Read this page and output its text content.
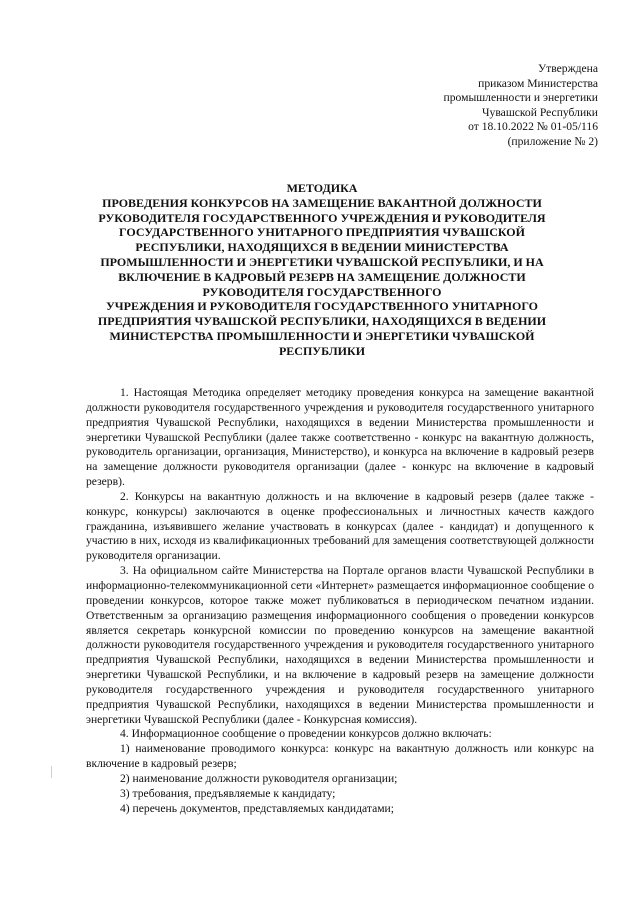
Утверждена
приказом Министерства
промышленности и энергетики
Чувашской Республики
от 18.10.2022 № 01-05/116
(приложение № 2)
МЕТОДИКА
ПРОВЕДЕНИЯ КОНКУРСОВ НА ЗАМЕЩЕНИЕ ВАКАНТНОЙ ДОЛЖНОСТИ
РУКОВОДИТЕЛЯ ГОСУДАРСТВЕННОГО УЧРЕЖДЕНИЯ И РУКОВОДИТЕЛЯ
ГОСУДАРСТВЕННОГО УНИТАРНОГО ПРЕДПРИЯТИЯ ЧУВАШСКОЙ
РЕСПУБЛИКИ, НАХОДЯЩИХСЯ В ВЕДЕНИИ МИНИСТЕРСТВА
ПРОМЫШЛЕННОСТИ И ЭНЕРГЕТИКИ ЧУВАШСКОЙ РЕСПУБЛИКИ, И НА
ВКЛЮЧЕНИЕ В КАДРОВЫЙ РЕЗЕРВ НА ЗАМЕЩЕНИЕ ДОЛЖНОСТИ
РУКОВОДИТЕЛЯ ГОСУДАРСТВЕННОГО
УЧРЕЖДЕНИЯ И РУКОВОДИТЕЛЯ ГОСУДАРСТВЕННОГО УНИТАРНОГО
ПРЕДПРИЯТИЯ ЧУВАШСКОЙ РЕСПУБЛИКИ, НАХОДЯЩИХСЯ В ВЕДЕНИИ
МИНИСТЕРСТВА ПРОМЫШЛЕННОСТИ И ЭНЕРГЕТИКИ ЧУВАШСКОЙ
РЕСПУБЛИКИ

1. Настоящая Методика определяет методику проведения конкурса на замещение вакантной должности руководителя государственного учреждения и руководителя государственного унитарного предприятия Чувашской Республики, находящихся в ведении Министерства промышленности и энергетики Чувашской Республики (далее также соответственно - конкурс на вакантную должность, руководитель организации, организация, Министерство), и конкурса на включение в кадровый резерв на замещение должности руководителя организации (далее - конкурс на включение в кадровый резерв).

2. Конкурсы на вакантную должность и на включение в кадровый резерв (далее также - конкурс, конкурсы) заключаются в оценке профессиональных и личностных качеств каждого гражданина, изъявившего желание участвовать в конкурсах (далее - кандидат) и допущенного к участию в них, исходя из квалификационных требований для замещения соответствующей должности руководителя организации.

3. На официальном сайте Министерства на Портале органов власти Чувашской Республики в информационно-телекоммуникационной сети «Интернет» размещается информационное сообщение о проведении конкурсов, которое также может публиковаться в периодическом печатном издании. Ответственным за организацию размещения информационного сообщения о проведении конкурсов является секретарь конкурсной комиссии по проведению конкурсов на замещение вакантной должности руководителя государственного учреждения и руководителя государственного унитарного предприятия Чувашской Республики, находящихся в ведении Министерства промышленности и энергетики Чувашской Республики, и на включение в кадровый резерв на замещение должности руководителя государственного учреждения и руководителя государственного унитарного предприятия Чувашской Республики, находящихся в ведении Министерства промышленности и энергетики Чувашской Республики (далее - Конкурсная комиссия).

4. Информационное сообщение о проведении конкурсов должно включать:

1) наименование проводимого конкурса: конкурс на вакантную должность или конкурс на включение в кадровый резерв;

2) наименование должности руководителя организации;

3) требования, предъявляемые к кандидату;

4) перечень документов, представляемых кандидатами;
